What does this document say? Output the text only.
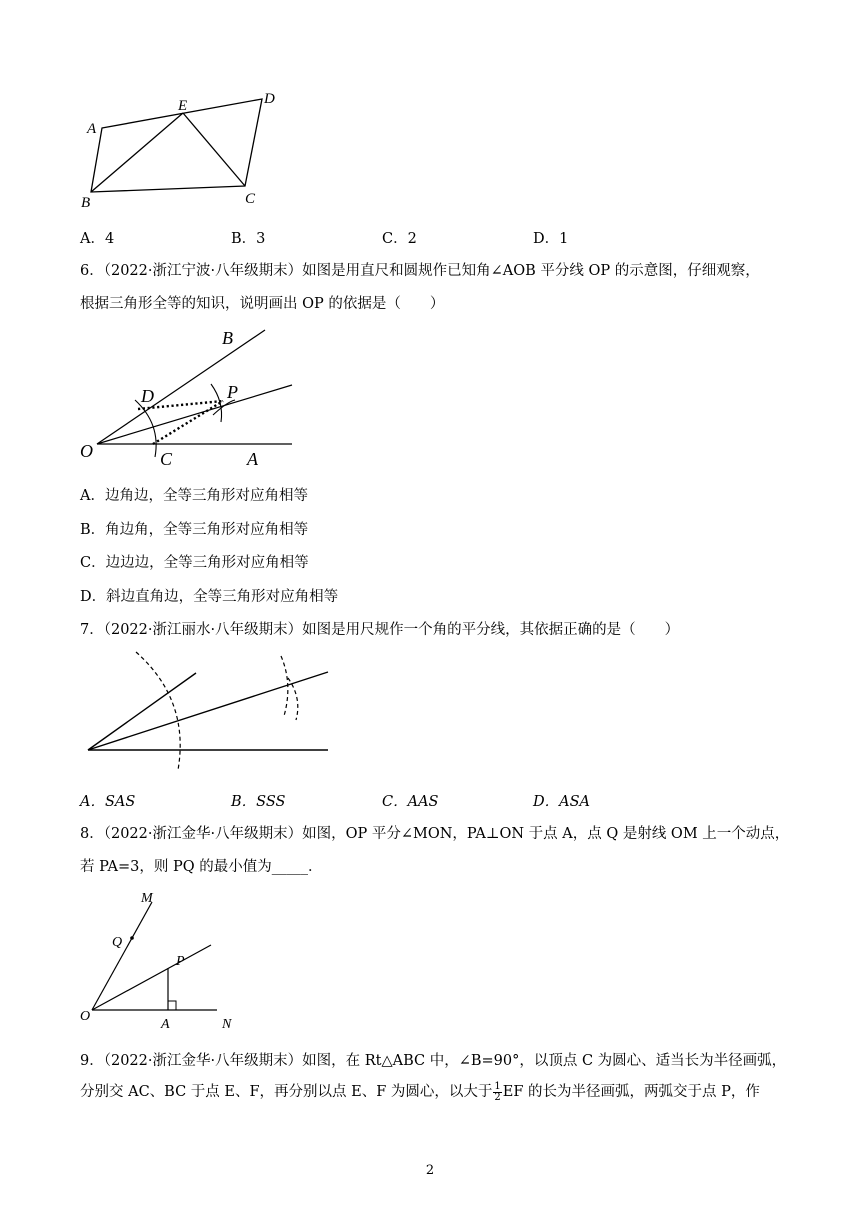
A
E	D
B	C
A．4	B．3	C．2	D．1
6．（2022·浙江宁波·八年级期末）如图是用直尺和圆规作已知角∠AOB 平分线 OP 的示意图，仔细观察，
根据三角形全等的知识，说明画出 OP 的依据是（　　）
B
D	P
O	C	A
A．边角边，全等三角形对应角相等
B．角边角，全等三角形对应角相等
C．边边边，全等三角形对应角相等
D．斜边直角边，全等三角形对应角相等
7．（2022·浙江丽水·八年级期末）如图是用尺规作一个角的平分线，其依据正确的是（　　）
A．SAS	B．SSS	C．AAS	D．ASA
8．（2022·浙江金华·八年级期末）如图，OP 平分∠MON，PA⊥ON 于点 A，点 Q 是射线 OM 上一个动点，
若 PA=3，则 PQ 的最小值为_____．
M
Q
P
O
A	N
9．（2022·浙江金华·八年级期末）如图，在 Rt△ABC 中，∠B=90°，以顶点 C 为圆心、适当长为半径画弧，
分别交 AC、BC 于点 E、F，再分别以点 E、F 为圆心，以大于 $\frac{1}{2}$ EF 的长为半径画弧，两弧交于点 P，作
2
